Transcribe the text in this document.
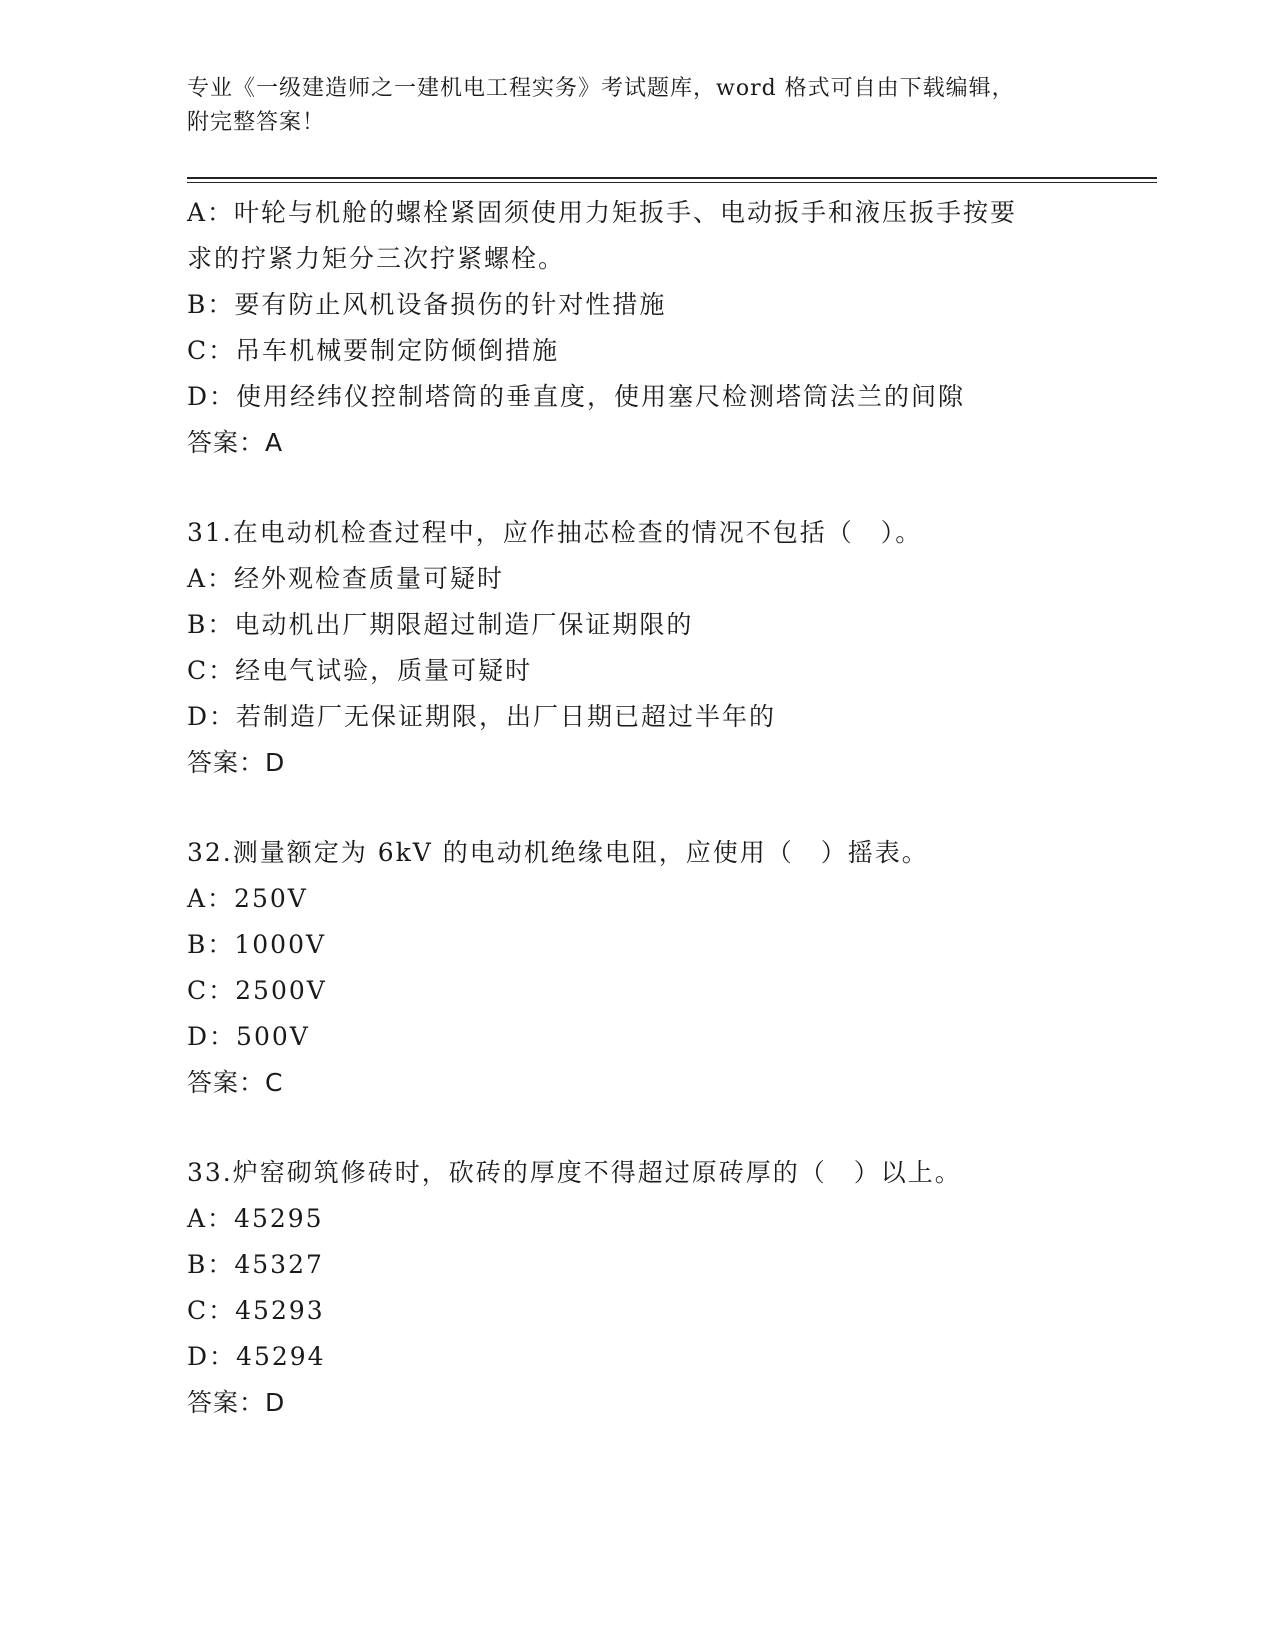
专业《一级建造师之一建机电工程实务》考试题库，word 格式可自由下载编辑，
附完整答案！
A：叶轮与机舱的螺栓紧固须使用力矩扳手、电动扳手和液压扳手按要
求的拧紧力矩分三次拧紧螺栓。
B：要有防止风机设备损伤的针对性措施
C：吊车机械要制定防倾倒措施
D：使用经纬仪控制塔筒的垂直度，使用塞尺检测塔筒法兰的间隙
答案：A
31.在电动机检查过程中，应作抽芯检查的情况不包括（　）。
A：经外观检查质量可疑时
B：电动机出厂期限超过制造厂保证期限的
C：经电气试验，质量可疑时
D：若制造厂无保证期限，出厂日期已超过半年的
答案：D
32.测量额定为 6kV 的电动机绝缘电阻，应使用（　）摇表。
A：250V
B：1000V
C：2500V
D：500V
答案：C
33.炉窑砌筑修砖时，砍砖的厚度不得超过原砖厚的（　）以上。
A：45295
B：45327
C：45293
D：45294
答案：D
